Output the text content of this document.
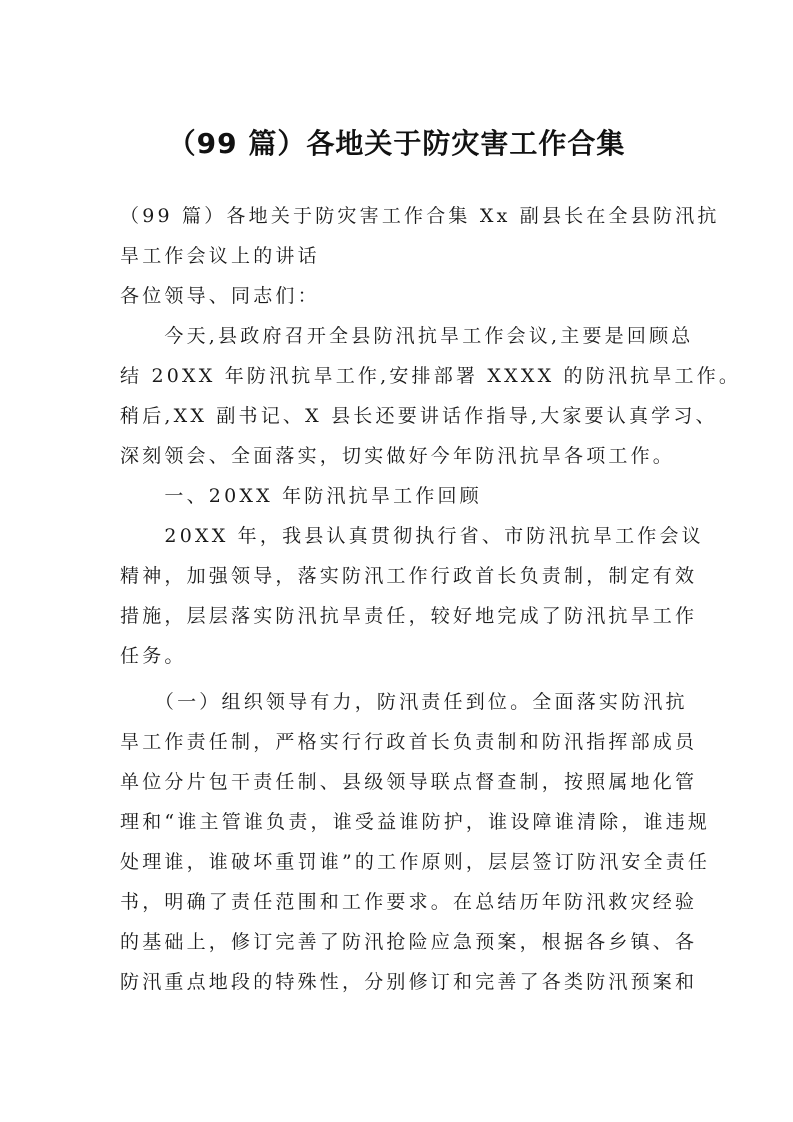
（99 篇）各地关于防灾害工作合集
（99 篇）各地关于防灾害工作合集 Xx 副县长在全县防汛抗
旱工作会议上的讲话
各位领导、同志们：
　　今天,县政府召开全县防汛抗旱工作会议,主要是回顾总
结 20XX 年防汛抗旱工作,安排部署 XXXX 的防汛抗旱工作。
稍后,XX 副书记、X 县长还要讲话作指导,大家要认真学习、
深刻领会、全面落实，切实做好今年防汛抗旱各项工作。
　　一、20XX 年防汛抗旱工作回顾
　　20XX 年，我县认真贯彻执行省、市防汛抗旱工作会议
精神，加强领导，落实防汛工作行政首长负责制，制定有效
措施，层层落实防汛抗旱责任，较好地完成了防汛抗旱工作
任务。
　　（一）组织领导有力，防汛责任到位。全面落实防汛抗
旱工作责任制，严格实行行政首长负责制和防汛指挥部成员
单位分片包干责任制、县级领导联点督查制，按照属地化管
理和“谁主管谁负责，谁受益谁防护，谁设障谁清除，谁违规
处理谁，谁破坏重罚谁”的工作原则，层层签订防汛安全责任
书，明确了责任范围和工作要求。在总结历年防汛救灾经验
的基础上，修订完善了防汛抢险应急预案，根据各乡镇、各
防汛重点地段的特殊性，分别修订和完善了各类防汛预案和
